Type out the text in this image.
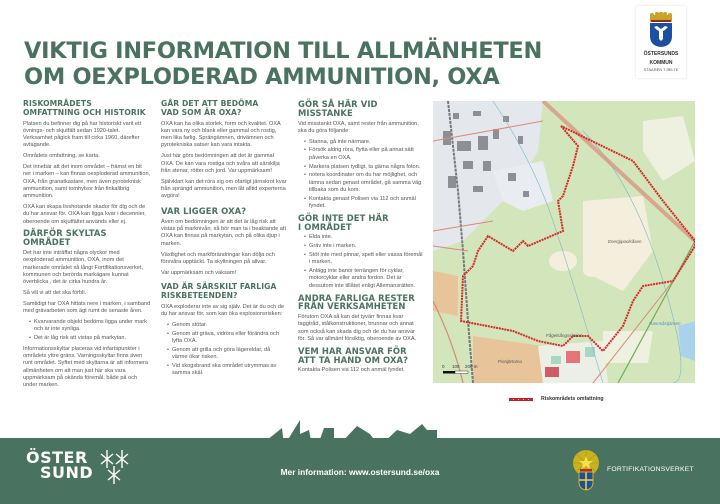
VIKTIG INFORMATION TILL ALLMÄNHETEN
OM OEXPLODERAD AMMUNITION, OXA
ÖSTERSUNDS
KOMMUN
STAAREN TJÏELTE
RISKOMRÅDETS
OMFATTNING OCH HISTORIK
Platsen du befinner dig på har historiskt varit ett övnings- och skjutfält sedan 1920-talet. Verksamhet pågick fram till cirka 1960, därefter avtagande.
Områdets omfattning, se karta.
Det innebär att det inom området – främst en bit ner i marken – kan finnas oexploderad ammunition, OXA, från granatkastare, men även pyroteknisk ammunition, samt tomhylsor från finkalibrig ammunition.
OXA kan skapa livshotande skador för dig och de du har ansvar för. OXA kan ligga kvar i decennier, oberoende om skjutfältet används eller ej.
DÄRFÖR SKYLTAS OMRÅDET
Det har inte inträffat några olyckor med oexploderad ammunition, OXA, inom det markerade området så långt Fortifikationsverket, kommunen och berörda markägare kunnat överblicka , det är cirka hundra år.
Så vill vi att det ska förbli.
Samtidigt har OXA hittats nere i marken, i samband med grävarbeten som ägt rumt de senaste åren.
• Kvarvarande objekt bedöms ligga under mark och är inte synliga.
• Det är låg risk att vistas på markytan.
Informationsskyltar placeras vid infartspunkter i områdets yttre gräns. Varningsskyltar finns även runt området. Syftet med skyltarna är att informera allmänheten om att man just här ska vara uppmärksam på okända föremål, både på och under marken.
GÅR DET ATT BEDÖMA
VAD SOM ÄR OXA?
OXA kan ha olika storlek, form och kvalitet. OXA kan vara ny och blank eller gammal och rostig, men lika farlig. Sprängämnen, drivämnen och pyrotekniska satser kan vara intakta.
Just här görs bedömningen att det är gammal OXA. De kan vara rostiga och svåra att särskilja från stenar, rötter och jord. Var uppmärksam!
Självklart kan det röra sig om ofarligt järnskrot kvar från sprängd ammunition, men låt alltid experterna avgöra!
VAR LIGGER OXA?
Även om bedömningen är att det är låg risk att vistas på marknivån, så bör man ta i beaktande att OXA kan finnas på markytan, och på olika djup i marken.
Växtlighet och markförändringar kan dölja och försvåra upptäckt. Ta skyltningen på allvar.
Var uppmärksam och vaksam!
VAD ÄR SÄRSKILT FARLIGA
RISKBETEENDEN?
OXA exploderar inte av sig själv. Det är du och de du har ansvar för, som kan öka explosionsrisken:
• Genom stötar.
• Genom att gräva, vidröra eller förändra och lyfta OXA.
• Genom att grilla och göra lägereldar, då värme ökar risken.
• Vid skogsbrand ska området utrymmas av samma skäl.
GÖR SÅ HÄR VID MISSTANKE
Vid misstankt OXA, samt rester från ammunition, ska du göra följande:
• Stanna, gå inte närmare.
• Försök aldrig röra, flytta eller på annat sätt påverka en OXA.
• Markera platsen tydligt, ta gärna några foton.
• notera koordinater om du har möjlighet, och lämna sedan genast området, gå samma väg tillbaka som du kom.
• Kontakta genast Polisen via 112 och anmäl fyndet.
GÖR INTE DET HÄR
I OMRÅDET
• Elda inte.
• Gräv inte i marken.
• Stöt inte med pinnar, spett eller vassa föremål i marken.
• Anlägg inte banor terrängen för cyklar, motorcyklar eller andra fordon. Det är dessutom inte tillåtet enligt Allemansrätten.
ANDRA FARLIGA RESTER
FRÅN VERKSAMHETEN
Förutom OXA så kan det tyvärr finnas kvar taggtråd, stålkonstruktioner, brunnar och annat som också kan skada dig och de du har ansvar för. Så var allmänt försiktig, oberoende av OXA.
VEM HAR ANSVAR FÖR
ATT TA HAND OM OXA?
Kontakta Polisen via 112 och anmäl fyndet.
Energipoolsåsen
Fågelsångsskolan
Pionjärtomo
Rannsåstjärnen
0 100 200 m
Riskområdets omfattning
ÖSTER
SUND	Mer information: www.ostersund.se/oxa	FORTIFIKATIONSVERKET
